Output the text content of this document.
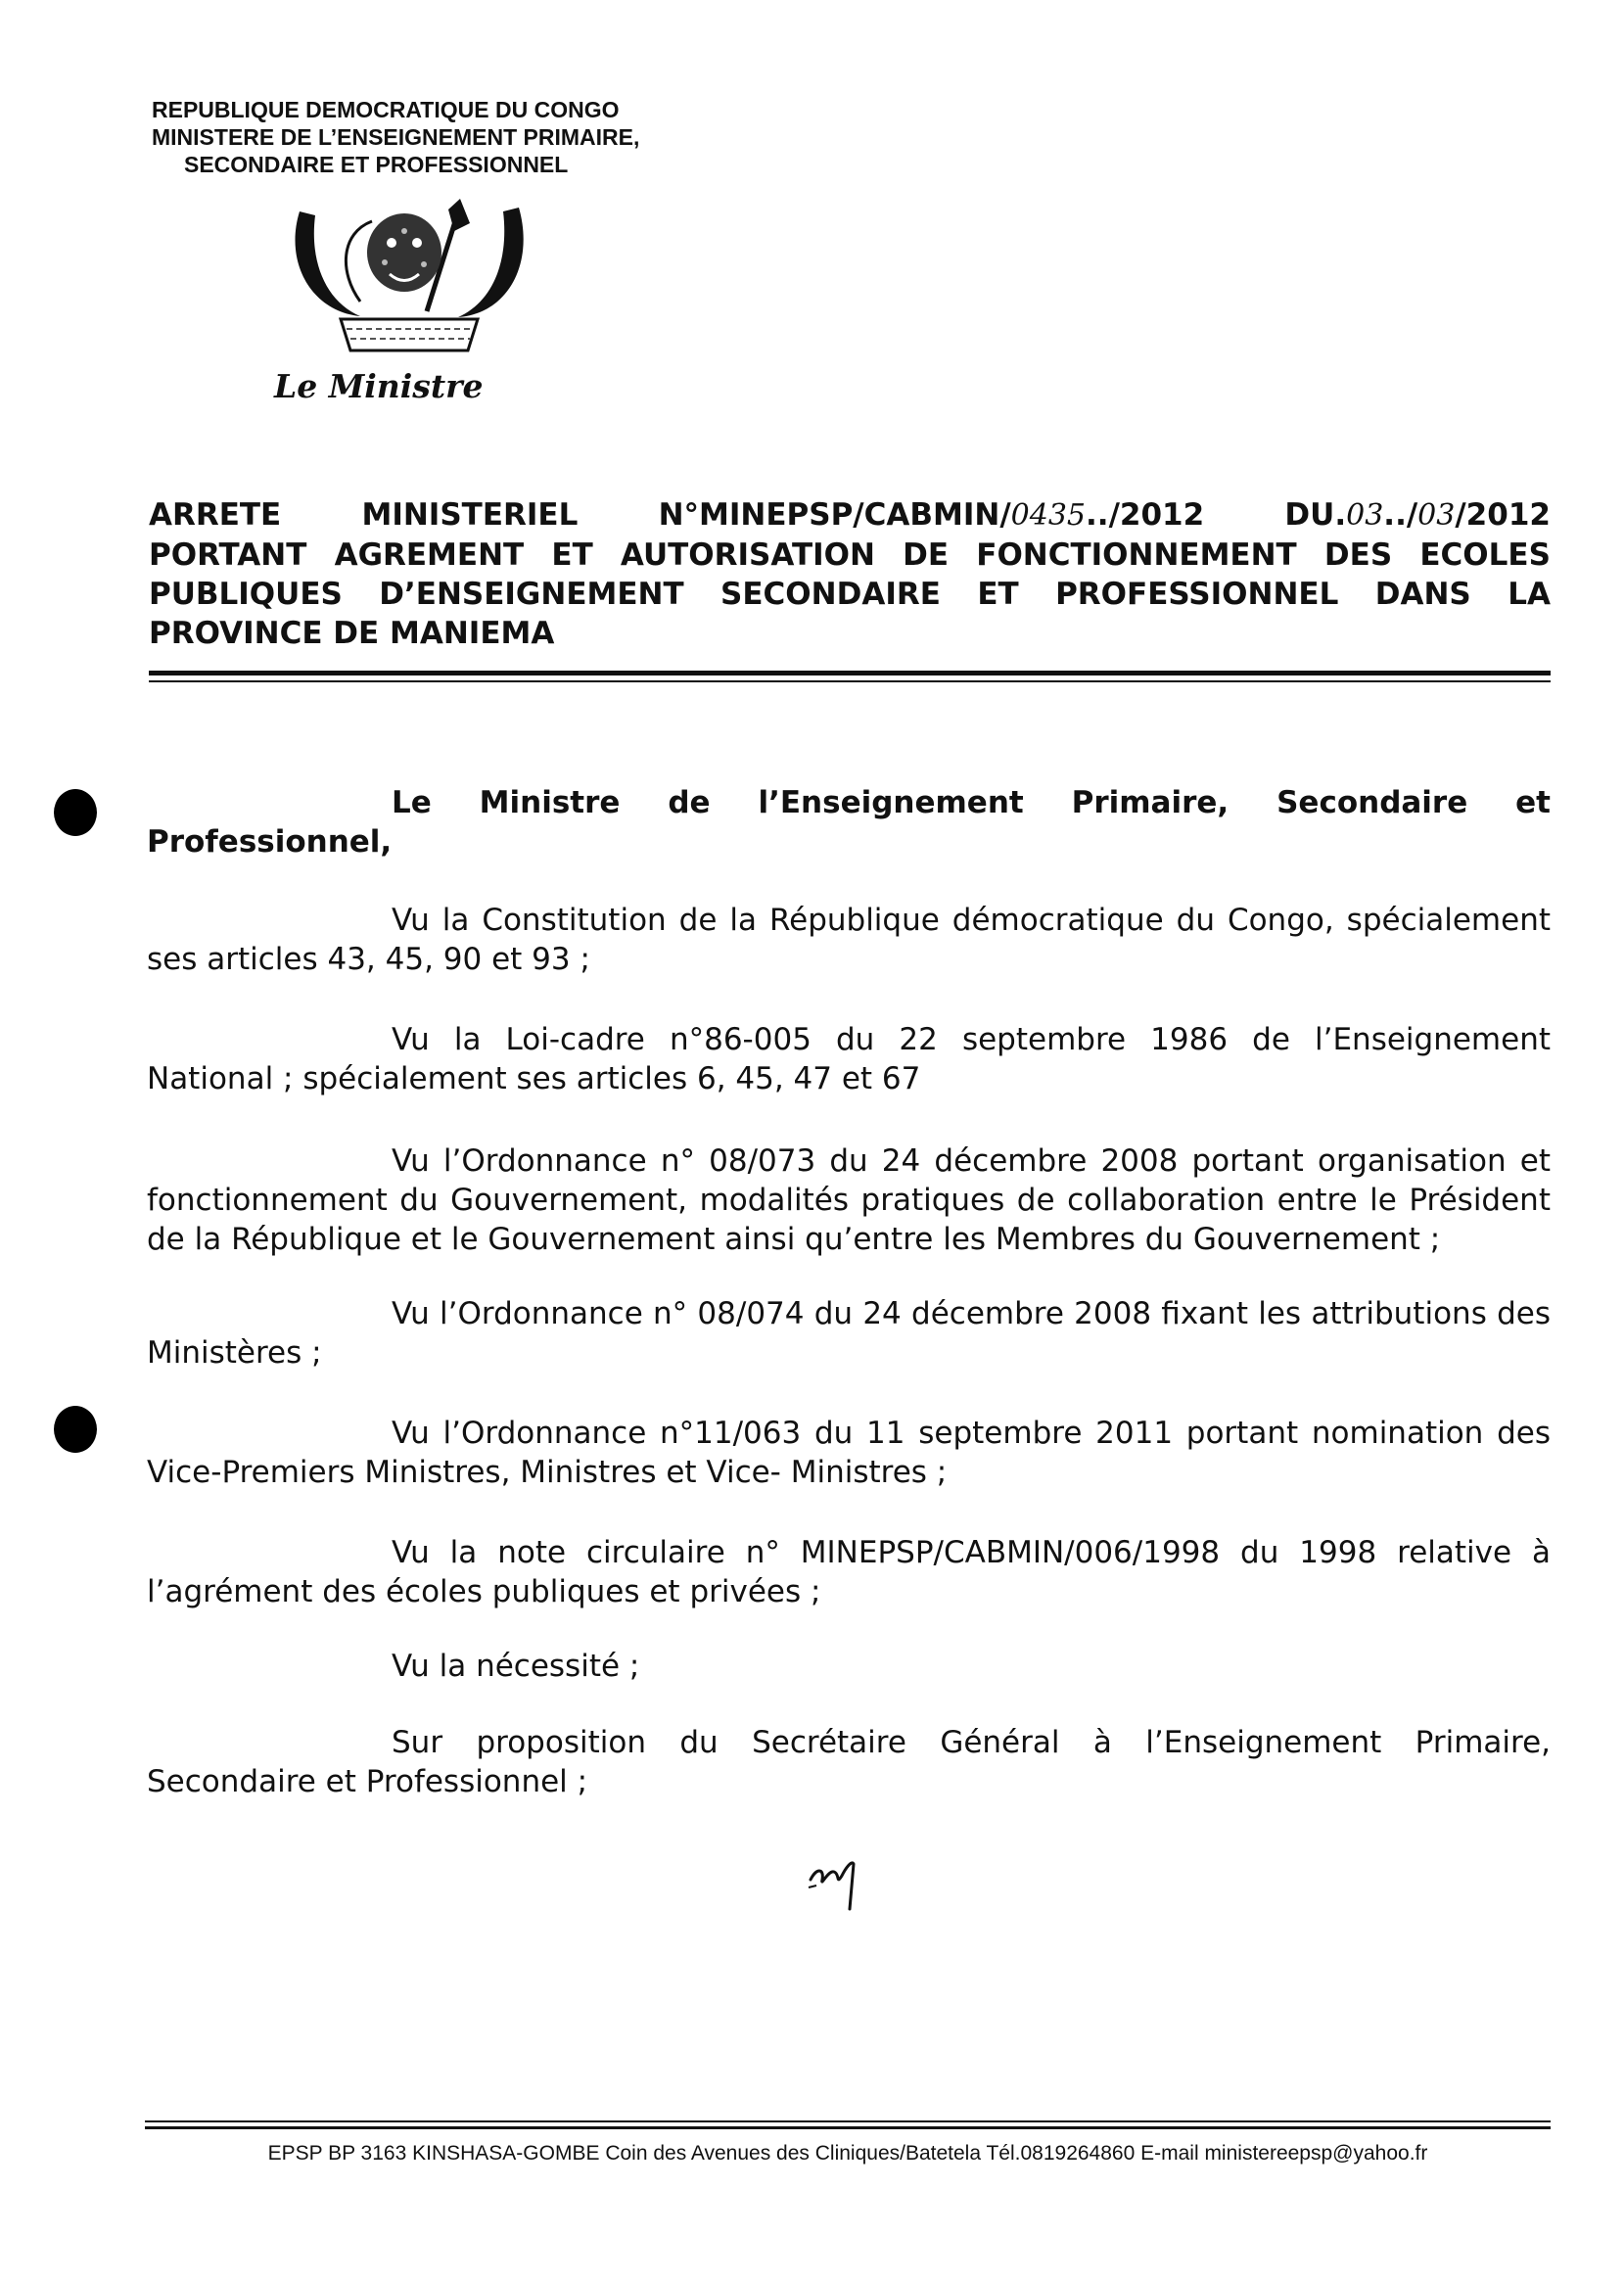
REPUBLIQUE DEMOCRATIQUE DU CONGO
MINISTERE DE L’ENSEIGNEMENT PRIMAIRE,
SECONDAIRE ET PROFESSIONNEL
Le Ministre
ARRETE	MINISTERIEL	N°MINEPSP/CABMIN/0435../2012	DU.03../03/2012
PORTANT AGREMENT ET AUTORISATION DE FONCTIONNEMENT DES ECOLES
PUBLIQUES D’ENSEIGNEMENT SECONDAIRE ET PROFESSIONNEL DANS LA
PROVINCE DE MANIEMA
Le Ministre de l’Enseignement Primaire, Secondaire et Professionnel,
Vu la Constitution de la République démocratique du Congo, spécialement ses articles 43, 45, 90 et 93 ;
Vu la Loi-cadre n°86-005 du 22 septembre 1986 de l’Enseignement National ; spécialement ses articles 6, 45, 47 et 67
Vu l’Ordonnance n° 08/073 du 24 décembre 2008 portant organisation et fonctionnement du Gouvernement, modalités pratiques de collaboration entre le Président de la République et le Gouvernement ainsi qu’entre les Membres du Gouvernement ;
Vu l’Ordonnance n° 08/074 du 24 décembre 2008 fixant les attributions des Ministères ;
Vu l’Ordonnance n°11/063 du 11 septembre 2011 portant nomination des Vice-Premiers Ministres, Ministres et Vice- Ministres ;
Vu la note circulaire n° MINEPSP/CABMIN/006/1998 du 1998 relative à l’agrément des écoles publiques et privées ;
Vu la nécessité ;
Sur proposition du Secrétaire Général à l’Enseignement Primaire, Secondaire et Professionnel ;
EPSP BP 3163 KINSHASA-GOMBE Coin des Avenues des Cliniques/Batetela Tél.0819264860 E-mail ministereepsp@yahoo.fr
